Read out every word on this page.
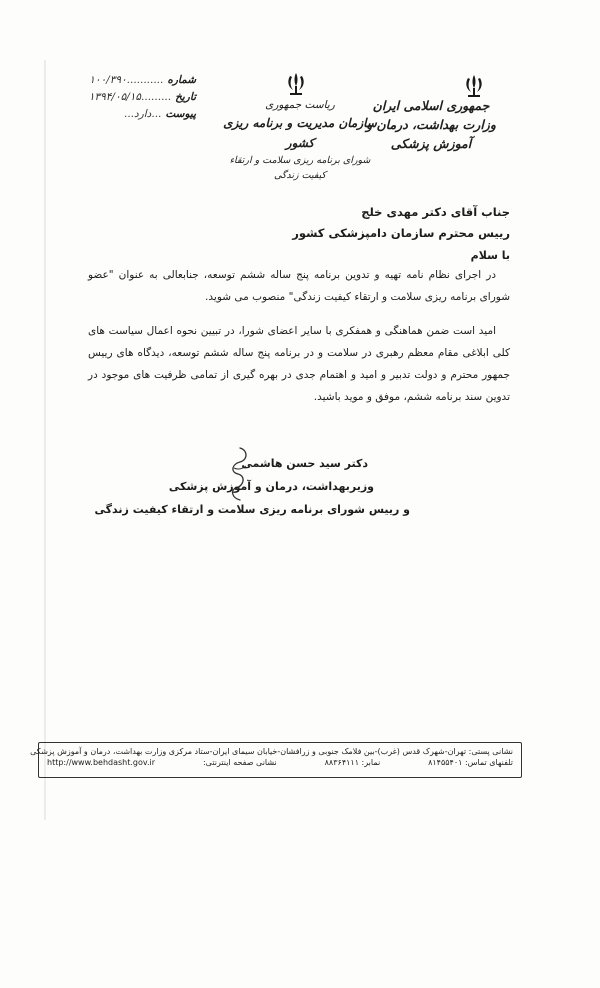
جمهوری اسلامی ایران
وزارت بهداشت، درمان و آموزش پزشکی
ریاست جمهوری
سازمان مدیریت و برنامه ریزی کشور
شورای برنامه ریزی سلامت و ارتقاء کیفیت زندگی
شماره
...........۱۰۰/۳۹۰
تاریخ
.........۱۳۹۴/۰۵/۱۵
پیوست
...دارد...
جناب آقای دکتر مهدی خلج
رییس محترم سازمان دامپزشکی کشور
با سلام
در اجرای نظام نامه تهیه و تدوین برنامه پنج ساله ششم توسعه، جنابعالی به عنوان "عضو شورای برنامه ریزی سلامت و ارتقاء کیفیت زندگی" منصوب می شوید.
امید است ضمن هماهنگی و همفکری با سایر اعضای شورا، در تبیین نحوه اعمال سیاست های کلی ابلاغی مقام معظم رهبری در سلامت و در برنامه پنج ساله ششم توسعه، دیدگاه های رییس جمهور محترم و دولت تدبیر و امید و اهتمام جدی در بهره گیری از تمامی ظرفیت های موجود در تدوین سند برنامه ششم، موفق و موید باشید.
دکتر سید حسن هاشمی
وزیربهداشت، درمان و آموزش پزشکی
و رییس شورای برنامه ریزی سلامت و ارتقاء کیفیت زندگی
نشانی پستی: تهران-شهرک قدس (غرب)-بین فلامک جنوبی و زرافشان-خیابان سیمای ایران-ستاد مرکزی وزارت بهداشت، درمان و آموزش پزشکی
تلفنهای تماس: ۸۱۴۵۵۴۰۱
نمابر: ۸۸۳۶۴۱۱۱
نشانی صفحه اینترنتی:
http://www.behdasht.gov.ir
